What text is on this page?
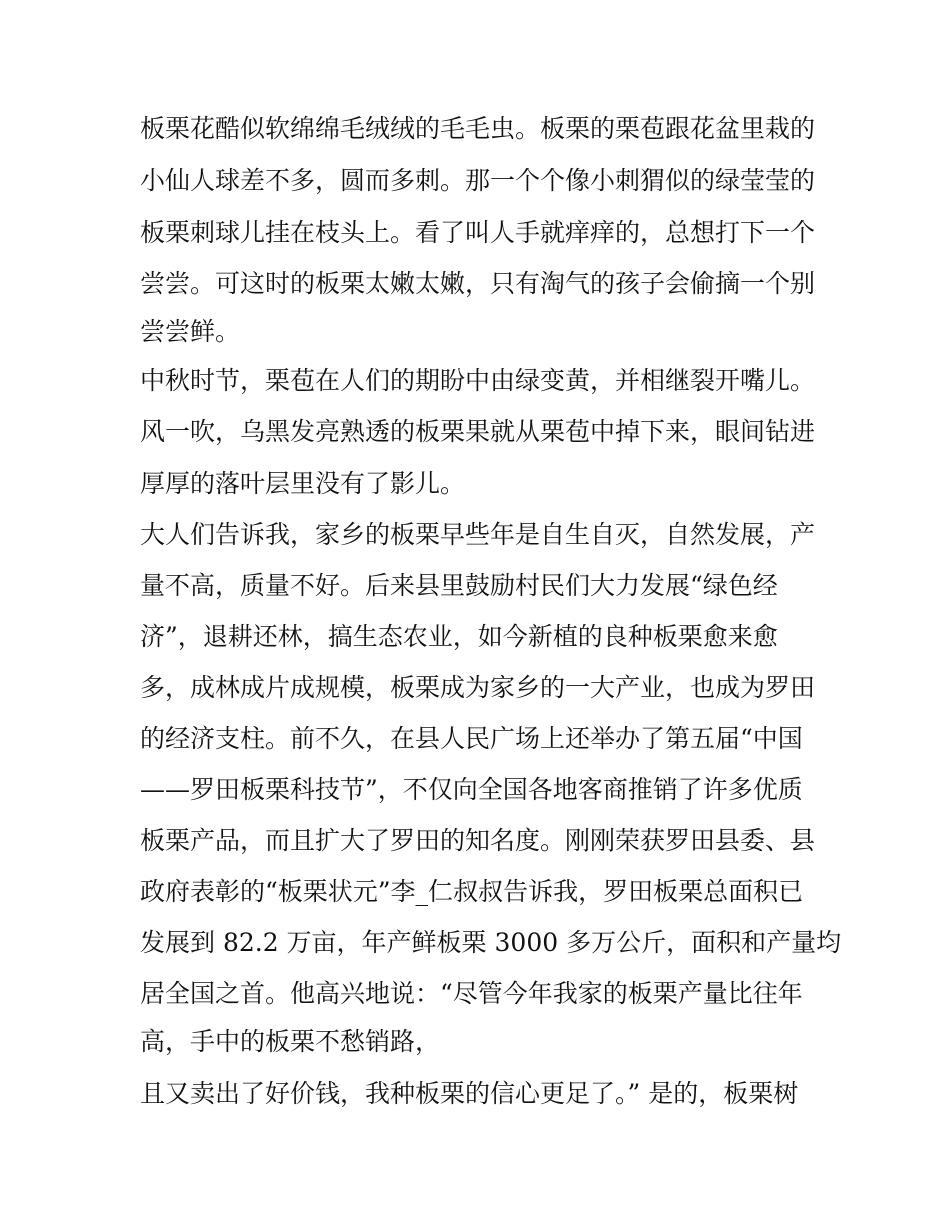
板栗花酷似软绵绵毛绒绒的毛毛虫。板栗的栗苞跟花盆里栽的
小仙人球差不多，圆而多刺。那一个个像小刺猬似的绿莹莹的
板栗刺球儿挂在枝头上。看了叫人手就痒痒的，总想打下一个
尝尝。可这时的板栗太嫩太嫩，只有淘气的孩子会偷摘一个别
尝尝鲜。
中秋时节，栗苞在人们的期盼中由绿变黄，并相继裂开嘴儿。
风一吹，乌黑发亮熟透的板栗果就从栗苞中掉下来，眼间钻进
厚厚的落叶层里没有了影儿。
大人们告诉我，家乡的板栗早些年是自生自灭，自然发展，产
量不高，质量不好。后来县里鼓励村民们大力发展“绿色经
济”，退耕还林，搞生态农业，如今新植的良种板栗愈来愈
多，成林成片成规模，板栗成为家乡的一大产业，也成为罗田
的经济支柱。前不久，在县人民广场上还举办了第五届“中国
——罗田板栗科技节”，不仅向全国各地客商推销了许多优质
板栗产品，而且扩大了罗田的知名度。刚刚荣获罗田县委、县
政府表彰的“板栗状元”李_仁叔叔告诉我，罗田板栗总面积已
发展到 82.2 万亩，年产鲜板栗 3000 多万公斤，面积和产量均
居全国之首。他高兴地说：“尽管今年我家的板栗产量比往年
高，手中的板栗不愁销路，
且又卖出了好价钱，我种板栗的信心更足了。” 是的，板栗树
